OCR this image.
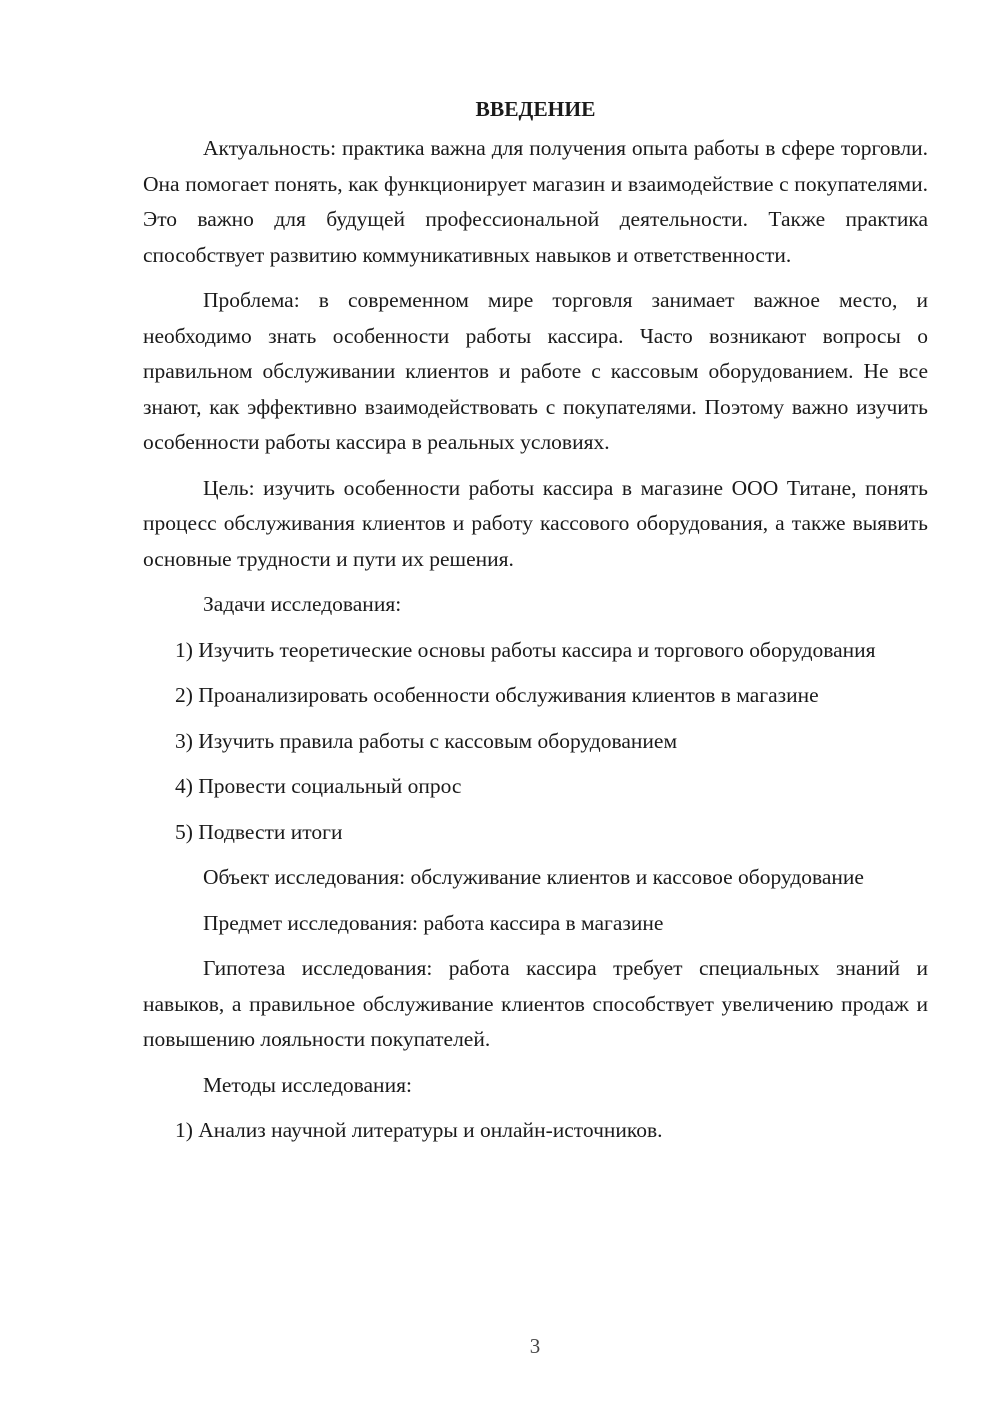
ВВЕДЕНИЕ

Актуальность: практика важна для получения опыта работы в сфере торговли. Она помогает понять, как функционирует магазин и взаимодействие с покупателями. Это важно для будущей профессиональной деятельности. Также практика способствует развитию коммуникативных навыков и ответственности.

Проблема: в современном мире торговля занимает важное место, и необходимо знать особенности работы кассира. Часто возникают вопросы о правильном обслуживании клиентов и работе с кассовым оборудованием. Не все знают, как эффективно взаимодействовать с покупателями. Поэтому важно изучить особенности работы кассира в реальных условиях.

Цель: изучить особенности работы кассира в магазине ООО Титане, понять процесс обслуживания клиентов и работу кассового оборудования, а также выявить основные трудности и пути их решения.

Задачи исследования:

1) Изучить теоретические основы работы кассира и торгового оборудования

2) Проанализировать особенности обслуживания клиентов в магазине

3) Изучить правила работы с кассовым оборудованием

4) Провести социальный опрос

5) Подвести итоги

Объект исследования: обслуживание клиентов и кассовое оборудование

Предмет исследования: работа кассира в магазине

Гипотеза исследования: работа кассира требует специальных знаний и навыков, а правильное обслуживание клиентов способствует увеличению продаж и повышению лояльности покупателей.

Методы исследования:

1) Анализ научной литературы и онлайн-источников.

3
